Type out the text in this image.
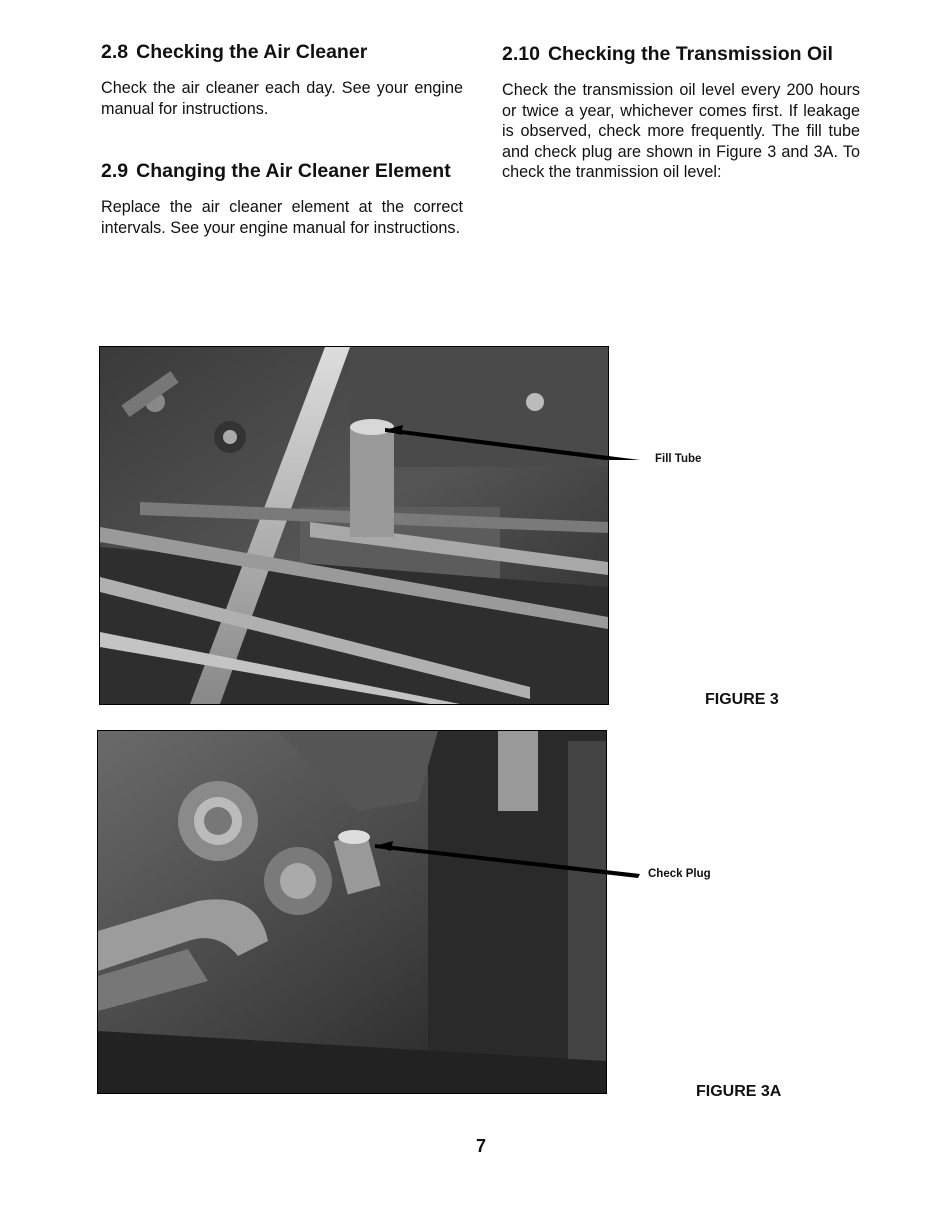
2.8 Checking the Air Cleaner

Check the air cleaner each day. See your engine manual for instructions.

2.9 Changing the Air Cleaner Element

Replace the air cleaner element at the correct intervals. See your engine manual for instructions.

2.10 Checking the Transmission Oil

Check the transmission oil level every 200 hours or twice a year, whichever comes first. If leakage is observed, check more frequently. The fill tube and check plug are shown in Figure 3 and 3A. To check the tranmission oil level:

Fill Tube
FIGURE 3
Check Plug
FIGURE 3A
7
